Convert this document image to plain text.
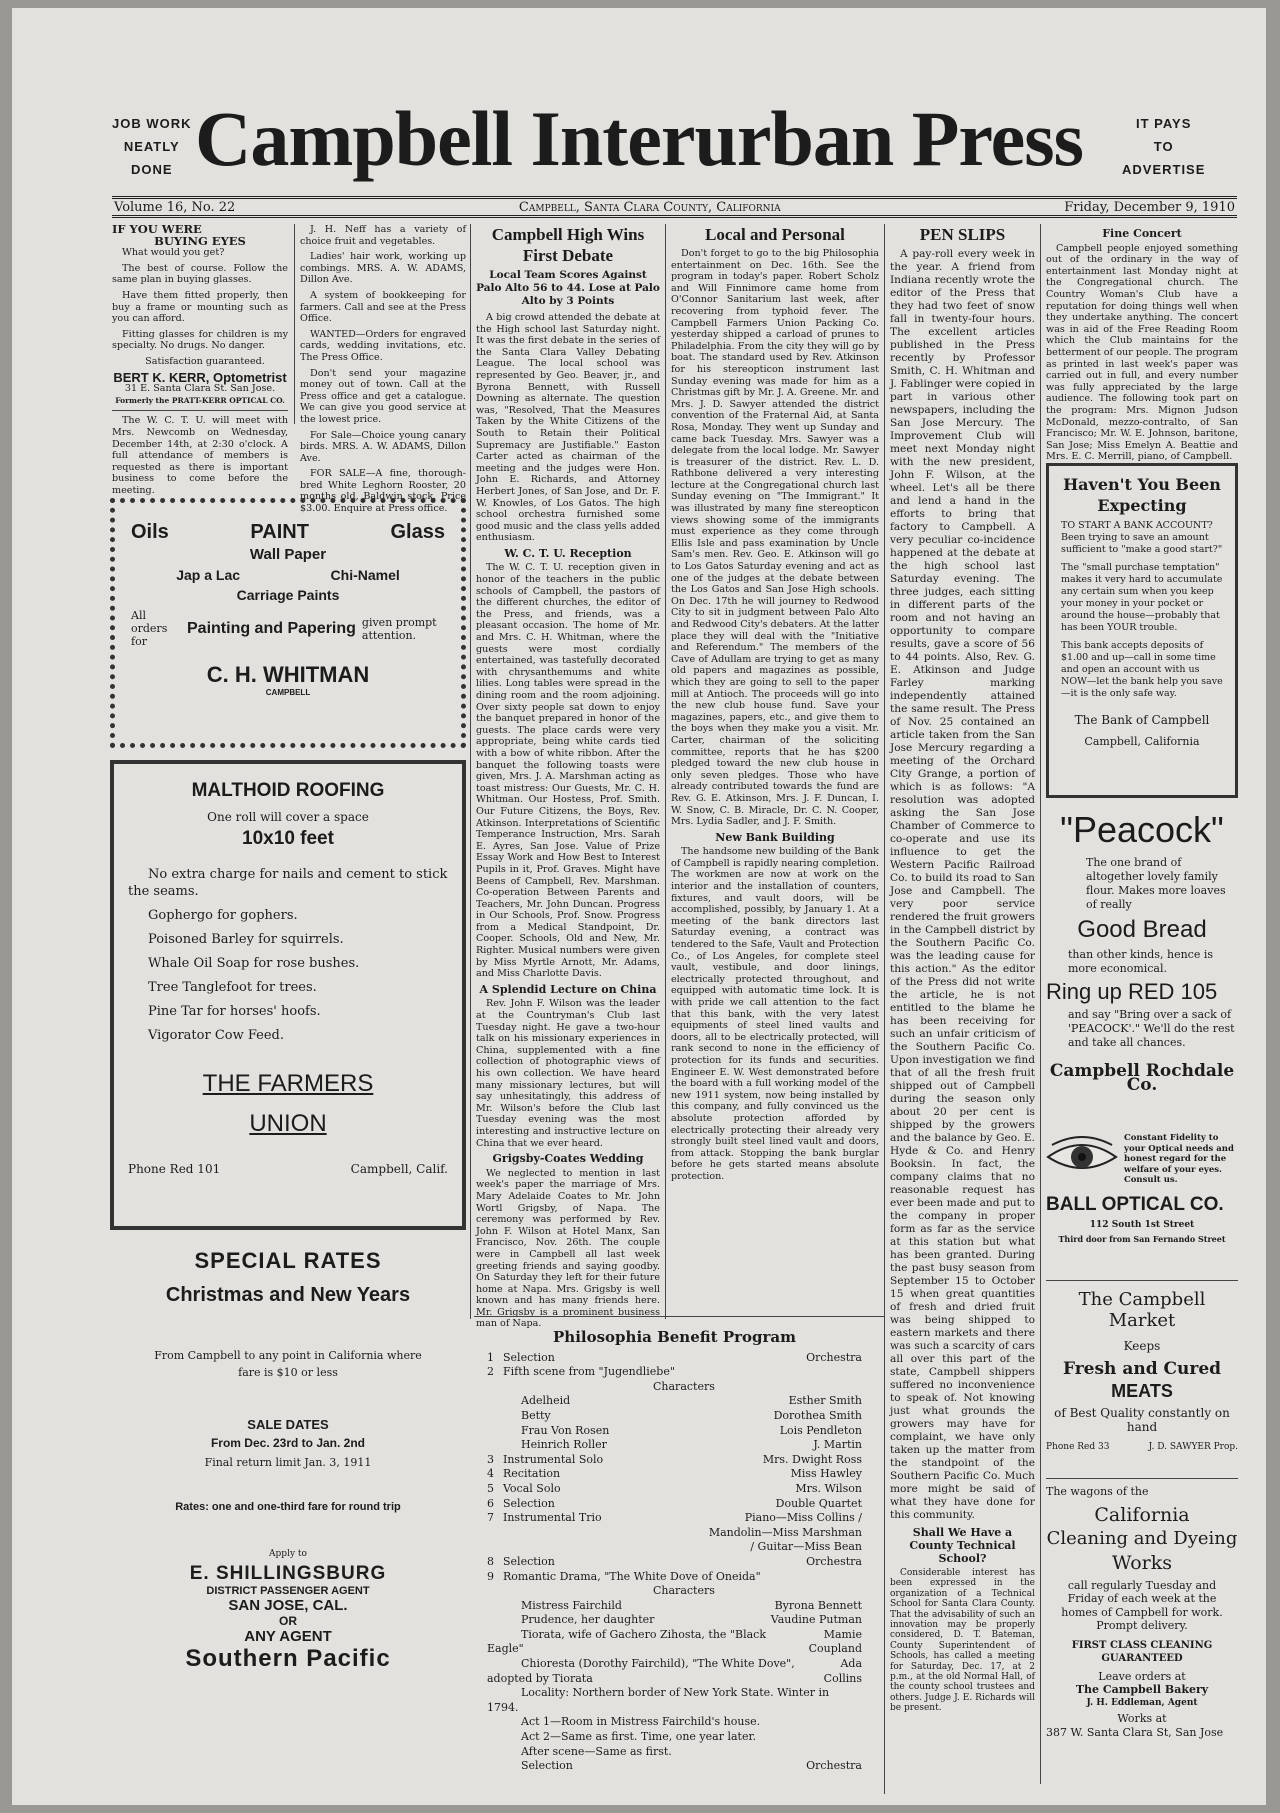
JOB WORK
NEATLY
DONE Campbell Interurban Press	IT PAYS
TO
ADVERTISE
Volume 16, No. 22	Campbell, Santa Clara County, California	Friday, December 9, 1910
IF YOU WERE
BUYING EYES

What would you get?

The best of course. Follow the same plan in buying glasses.

Have them fitted properly, then buy a frame or mounting such as you can afford.

Fitting glasses for children is my specialty. No drugs. No danger.

Satisfaction guaranteed.

BERT K. KERR, Optometrist
31 E. Santa Clara St. San Jose.
Formerly the PRATT-KERR OPTICAL CO.

The W. C. T. U. will meet with Mrs. Newcomb on Wednesday, December 14th, at 2:30 o'clock. A full attendance of members is requested as there is important business to come before the meeting.

J. H. Neff has a variety of choice fruit and vegetables.

Ladies' hair work, working up combings. MRS. A. W. ADAMS, Dillon Ave.

A system of bookkeeping for farmers. Call and see at the Press Office.

WANTED—Orders for engraved cards, wedding invitations, etc. The Press Office.

Don't send your magazine money out of town. Call at the Press office and get a catalogue. We can give you good service at the lowest price.

For Sale—Choice young canary birds. MRS. A. W. ADAMS, Dillon Ave.

FOR SALE—A fine, thorough-bred White Leghorn Rooster, 20 months old, Baldwin stock. Price $3.00. Enquire at Press office.

Oils	PAINT	Glass
Wall Paper
Jap a Lac	Chi-Namel
Carriage Paints
All orders for
Painting and Papering given prompt attention.
C. H. WHITMAN
CAMPBELL
MALTHOID ROOFING
One roll will cover a space
10x10 feet
No extra charge for nails and cement to stick the seams.
Gophergo for gophers.
Poisoned Barley for squirrels.
Whale Oil Soap for rose bushes.
Tree Tanglefoot for trees.
Pine Tar for horses' hoofs.
Vigorator Cow Feed.
THE FARMERS
UNION
Phone Red 101	Campbell, Calif.
SPECIAL RATES
Christmas and New Years
From Campbell to any point in California where fare is $10 or less
SALE DATES
From Dec. 23rd to Jan. 2nd
Final return limit Jan. 3, 1911
Rates: one and one-third fare for round trip
Apply to
E. SHILLINGSBURG
DISTRICT PASSENGER AGENT
SAN JOSE, CAL.
OR
ANY AGENT
Southern Pacific
Campbell High Wins First Debate
Local Team Scores Against Palo Alto 56 to 44. Lose at Palo Alto by 3 Points

A big crowd attended the debate at the High school last Saturday night. It was the first debate in the series of the Santa Clara Valley Debating League. The local school was represented by Geo. Beaver, jr., and Byrona Bennett, with Russell Downing as alternate. The question was, "Resolved, That the Measures Taken by the White Citizens of the South to Retain their Political Supremacy are Justifiable." Easton Carter acted as chairman of the meeting and the judges were Hon. John E. Richards, and Attorney Herbert Jones, of San Jose, and Dr. F. W. Knowles, of Los Gatos. The high school orchestra furnished some good music and the class yells added enthusiasm.

W. C. T. U. Reception

The W. C. T. U. reception given in honor of the teachers in the public schools of Campbell, the pastors of the different churches, the editor of the Press, and friends, was a pleasant occasion. The home of Mr. and Mrs. C. H. Whitman, where the guests were most cordially entertained, was tastefully decorated with chrysanthemums and white lilies. Long tables were spread in the dining room and the room adjoining. Over sixty people sat down to enjoy the banquet prepared in honor of the guests. The place cards were very appropriate, being white cards tied with a bow of white ribbon. After the banquet the following toasts were given, Mrs. J. A. Marshman acting as toast mistress: Our Guests, Mr. C. H. Whitman. Our Hostess, Prof. Smith. Our Future Citizens, the Boys, Rev. Atkinson. Interpretations of Scientific Temperance Instruction, Mrs. Sarah E. Ayres, San Jose. Value of Prize Essay Work and How Best to Interest Pupils in it, Prof. Graves. Might have Beens of Campbell, Rev. Marshman. Co-operation Between Parents and Teachers, Mr. John Duncan. Progress in Our Schools, Prof. Snow. Progress from a Medical Standpoint, Dr. Cooper. Schools, Old and New, Mr. Righter. Musical numbers were given by Miss Myrtle Arnott, Mr. Adams, and Miss Charlotte Davis.

A Splendid Lecture on China

Rev. John F. Wilson was the leader at the Countryman's Club last Tuesday night. He gave a two-hour talk on his missionary experiences in China, supplemented with a fine collection of photographic views of his own collection. We have heard many missionary lectures, but will say unhesitatingly, this address of Mr. Wilson's before the Club last Tuesday evening was the most interesting and instructive lecture on China that we ever heard.

Grigsby-Coates Wedding

We neglected to mention in last week's paper the marriage of Mrs. Mary Adelaide Coates to Mr. John Wortl Grigsby, of Napa. The ceremony was performed by Rev. John F. Wilson at Hotel Manx, San Francisco, Nov. 26th. The couple were in Campbell all last week greeting friends and saying goodby. On Saturday they left for their future home at Napa. Mrs. Grigsby is well known and has many friends here. Mr. Grigsby is a prominent business man of Napa.

Local and Personal

Don't forget to go to the big Philosophia entertainment on Dec. 16th. See the program in today's paper. Robert Scholz and Will Finnimore came home from O'Connor Sanitarium last week, after recovering from typhoid fever. The Campbell Farmers Union Packing Co. yesterday shipped a carload of prunes to Philadelphia. From the city they will go by boat. The standard used by Rev. Atkinson for his stereopticon instrument last Sunday evening was made for him as a Christmas gift by Mr. J. A. Greene. Mr. and Mrs. J. D. Sawyer attended the district convention of the Fraternal Aid, at Santa Rosa, Monday. They went up Sunday and came back Tuesday. Mrs. Sawyer was a delegate from the local lodge. Mr. Sawyer is treasurer of the district. Rev. L. D. Rathbone delivered a very interesting lecture at the Congregational church last Sunday evening on "The Immigrant." It was illustrated by many fine stereopticon views showing some of the immigrants must experience as they come through Ellis Isle and pass examination by Uncle Sam's men. Rev. Geo. E. Atkinson will go to Los Gatos Saturday evening and act as one of the judges at the debate between the Los Gatos and San Jose High schools. On Dec. 17th he will journey to Redwood City to sit in judgment between Palo Alto and Redwood City's debaters. At the latter place they will deal with the "Initiative and Referendum." The members of the Cave of Adullam are trying to get as many old papers and magazines as possible, which they are going to sell to the paper mill at Antioch. The proceeds will go into the new club house fund. Save your magazines, papers, etc., and give them to the boys when they make you a visit. Mr. Carter, chairman of the soliciting committee, reports that he has $200 pledged toward the new club house in only seven pledges. Those who have already contributed towards the fund are Rev. G. E. Atkinson, Mrs. J. F. Duncan, I. W. Snow, C. B. Miracle, Dr. C. N. Cooper, Mrs. Lydia Sadler, and J. F. Smith.

New Bank Building

The handsome new building of the Bank of Campbell is rapidly nearing completion. The workmen are now at work on the interior and the installation of counters, fixtures, and vault doors, will be accomplished, possibly, by January 1. At a meeting of the bank directors last Saturday evening, a contract was tendered to the Safe, Vault and Protection Co., of Los Angeles, for complete steel vault, vestibule, and door linings, electrically protected throughout, and equipped with automatic time lock. It is with pride we call attention to the fact that this bank, with the very latest equipments of steel lined vaults and doors, all to be electrically protected, will rank second to none in the efficiency of protection for its funds and securities. Engineer E. W. West demonstrated before the board with a full working model of the new 1911 system, now being installed by this company, and fully convinced us the absolute protection afforded by electrically protecting their already very strongly built steel lined vault and doors, from attack. Stopping the bank burglar before he gets started means absolute protection.

Philosophia Benefit Program
1 Selection	Orchestra
2 Fifth scene from "Jugendliebe"
Characters
Adelheid	Esther Smith
Betty	Dorothea Smith
Frau Von Rosen	Lois Pendleton
Heinrich Roller	J. Martin
3 Instrumental Solo	Mrs. Dwight Ross
4 Recitation	Miss Hawley
5 Vocal Solo	Mrs. Wilson
6 Selection	Double Quartet
7 Instrumental Trio	Piano—Miss Collins / Mandolin—Miss Marshman / Guitar—Miss Bean
8 Selection	Orchestra
9 Romantic Drama, "The White Dove of Oneida"
Characters
Mistress Fairchild	Byrona Bennett
Prudence, her daughter	Vaudine Putman
Tiorata, wife of Gachero Zihosta, the "Black Eagle"
Mamie Coupland
Chioresta (Dorothy Fairchild), "The White Dove", adopted by Tiorata
Ada Collins
Locality: Northern border of New York State. Winter in 1794.
Act 1—Room in Mistress Fairchild's house.
Act 2—Same as first. Time, one year later.
After scene—Same as first.
Selection	Orchestra
PEN SLIPS

A pay-roll every week in the year. A friend from Indiana recently wrote the editor of the Press that they had two feet of snow fall in twenty-four hours. The excellent articles published in the Press recently by Professor Smith, C. H. Whitman and J. Fablinger were copied in part in various other newspapers, including the San Jose Mercury. The Improvement Club will meet next Monday night with the new president, John F. Wilson, at the wheel. Let's all be there and lend a hand in the efforts to bring that factory to Campbell. A very peculiar co-incidence happened at the debate at the high school last Saturday evening. The three judges, each sitting in different parts of the room and not having an opportunity to compare results, gave a score of 56 to 44 points. Also, Rev. G. E. Atkinson and Judge Farley marking independently attained the same result. The Press of Nov. 25 contained an article taken from the San Jose Mercury regarding a meeting of the Orchard City Grange, a portion of which is as follows: "A resolution was adopted asking the San Jose Chamber of Commerce to co-operate and use its influence to get the Western Pacific Railroad Co. to build its road to San Jose and Campbell. The very poor service rendered the fruit growers in the Campbell district by the Southern Pacific Co. was the leading cause for this action." As the editor of the Press did not write the article, he is not entitled to the blame he has been receiving for such an unfair criticism of the Southern Pacific Co. Upon investigation we find that of all the fresh fruit shipped out of Campbell during the season only about 20 per cent is shipped by the growers and the balance by Geo. E. Hyde & Co. and Henry Booksin. In fact, the company claims that no reasonable request has ever been made and put to the company in proper form as far as the service at this station but what has been granted. During the past busy season from September 15 to October 15 when great quantities of fresh and dried fruit was being shipped to eastern markets and there was such a scarcity of cars all over this part of the state, Campbell shippers suffered no inconvenience to speak of. Not knowing just what grounds the growers may have for complaint, we have only taken up the matter from the standpoint of the Southern Pacific Co. Much more might be said of what they have done for this community.

Shall We Have a County Technical School?

Considerable interest has been expressed in the organization of a Technical School for Santa Clara County. That the advisability of such an innovation may be properly considered, D. T. Bateman, County Superintendent of Schools, has called a meeting for Saturday, Dec. 17, at 2 p.m., at the old Normal Hall, of the county school trustees and others. Judge J. E. Richards will be present.

Fine Concert

Campbell people enjoyed something out of the ordinary in the way of entertainment last Monday night at the Congregational church. The Country Woman's Club have a reputation for doing things well when they undertake anything. The concert was in aid of the Free Reading Room which the Club maintains for the betterment of our people. The program as printed in last week's paper was carried out in full, and every number was fully appreciated by the large audience. The following took part on the program: Mrs. Mignon Judson McDonald, mezzo-contralto, of San Francisco; Mr. W. E. Johnson, baritone, San Jose; Miss Emelyn A. Beattie and Mrs. E. C. Merrill, piano, of Campbell.

Haven't You Been
Expecting

TO START A BANK ACCOUNT? Been trying to save an amount sufficient to "make a good start?"

The "small purchase temptation" makes it very hard to accumulate any certain sum when you keep your money in your pocket or around the house—probably that has been YOUR trouble.

This bank accepts deposits of $1.00 and up—call in some time and open an account with us NOW—let the bank help you save—it is the only safe way.

The Bank of Campbell
Campbell, California
"Peacock"
The one brand of altogether lovely family flour. Makes more loaves of really
Good Bread
than other kinds, hence is more economical.
Ring up RED 105
and say "Bring over a sack of 'PEACOCK'." We'll do the rest and take all chances.
Campbell Rochdale Co.
Constant Fidelity to your Optical needs and honest regard for the welfare of your eyes. Consult us.
BALL OPTICAL CO.
112 South 1st Street
Third door from San Fernando Street
The Campbell Market
Keeps
Fresh and Cured
MEATS
of Best Quality constantly on hand
Phone Red 33	J. D. SAWYER Prop.
The wagons of the
California
Cleaning and Dyeing
Works
call regularly Tuesday and Friday of each week at the homes of Campbell for work. Prompt delivery.
FIRST CLASS CLEANING GUARANTEED
Leave orders at
The Campbell Bakery
J. H. Eddleman, Agent
Works at
387 W. Santa Clara St, San Jose
